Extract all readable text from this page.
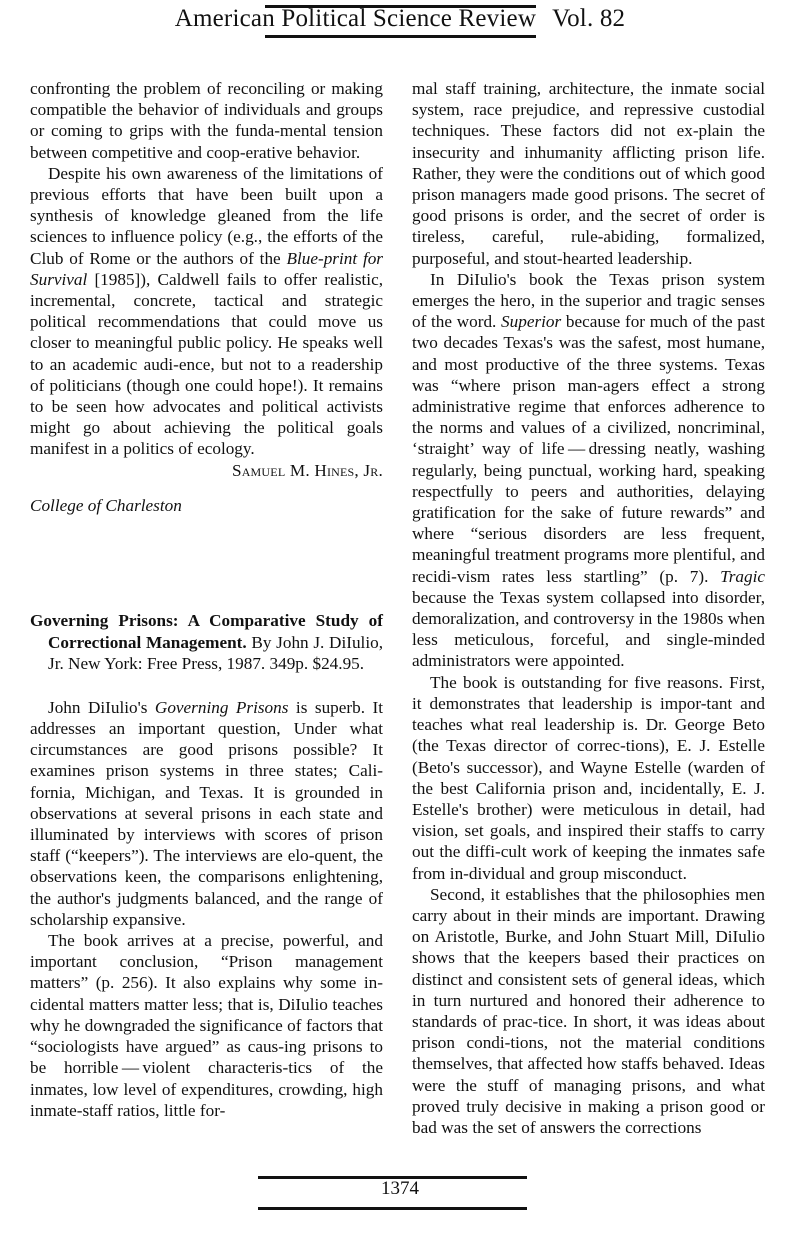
American Political Science Review Vol. 82

confronting the problem of reconciling or making compatible the behavior of individuals and groups or coming to grips with the funda-mental tension between competitive and coop-erative behavior.

Despite his own awareness of the limitations of previous efforts that have been built upon a synthesis of knowledge gleaned from the life sciences to influence policy (e.g., the efforts of the Club of Rome or the authors of the Blue-print for Survival [1985]), Caldwell fails to offer realistic, incremental, concrete, tactical and strategic political recommendations that could move us closer to meaningful public policy. He speaks well to an academic audi-ence, but not to a readership of politicians (though one could hope!). It remains to be seen how advocates and political activists might go about achieving the political goals manifest in a politics of ecology.

Samuel M. Hines, Jr.
College of Charleston

Governing Prisons: A Comparative Study of Correctional Management. By John J. DiIulio, Jr. New York: Free Press, 1987. 349p. $24.95.

John DiIulio's Governing Prisons is superb. It addresses an important question, Under what circumstances are good prisons possible? It examines prison systems in three states; Cali-fornia, Michigan, and Texas. It is grounded in observations at several prisons in each state and illuminated by interviews with scores of prison staff (“keepers”). The interviews are elo-quent, the observations keen, the comparisons enlightening, the author's judgments balanced, and the range of scholarship expansive.

The book arrives at a precise, powerful, and important conclusion, “Prison management matters” (p. 256). It also explains why some in-cidental matters matter less; that is, DiIulio teaches why he downgraded the significance of factors that “sociologists have argued” as caus-ing prisons to be horrible — violent characteris-tics of the inmates, low level of expenditures, crowding, high inmate-staff ratios, little for-

mal staff training, architecture, the inmate social system, race prejudice, and repressive custodial techniques. These factors did not ex-plain the insecurity and inhumanity afflicting prison life. Rather, they were the conditions out of which good prison managers made good prisons. The secret of good prisons is order, and the secret of order is tireless, careful, rule-abiding, formalized, purposeful, and stout-hearted leadership.

In DiIulio's book the Texas prison system emerges the hero, in the superior and tragic senses of the word. Superior because for much of the past two decades Texas's was the safest, most humane, and most productive of the three systems. Texas was “where prison man-agers effect a strong administrative regime that enforces adherence to the norms and values of a civilized, noncriminal, ‘straight’ way of life — dressing neatly, washing regularly, being punctual, working hard, speaking respectfully to peers and authorities, delaying gratification for the sake of future rewards” and where “serious disorders are less frequent, meaningful treatment programs more plentiful, and recidi-vism rates less startling” (p. 7). Tragic because the Texas system collapsed into disorder, demoralization, and controversy in the 1980s when less meticulous, forceful, and single-minded administrators were appointed.

The book is outstanding for five reasons. First, it demonstrates that leadership is impor-tant and teaches what real leadership is. Dr. George Beto (the Texas director of correc-tions), E. J. Estelle (Beto's successor), and Wayne Estelle (warden of the best California prison and, incidentally, E. J. Estelle's brother) were meticulous in detail, had vision, set goals, and inspired their staffs to carry out the diffi-cult work of keeping the inmates safe from in-dividual and group misconduct.

Second, it establishes that the philosophies men carry about in their minds are important. Drawing on Aristotle, Burke, and John Stuart Mill, DiIulio shows that the keepers based their practices on distinct and consistent sets of general ideas, which in turn nurtured and honored their adherence to standards of prac-tice. In short, it was ideas about prison condi-tions, not the material conditions themselves, that affected how staffs behaved. Ideas were the stuff of managing prisons, and what proved truly decisive in making a prison good or bad was the set of answers the corrections

1374
